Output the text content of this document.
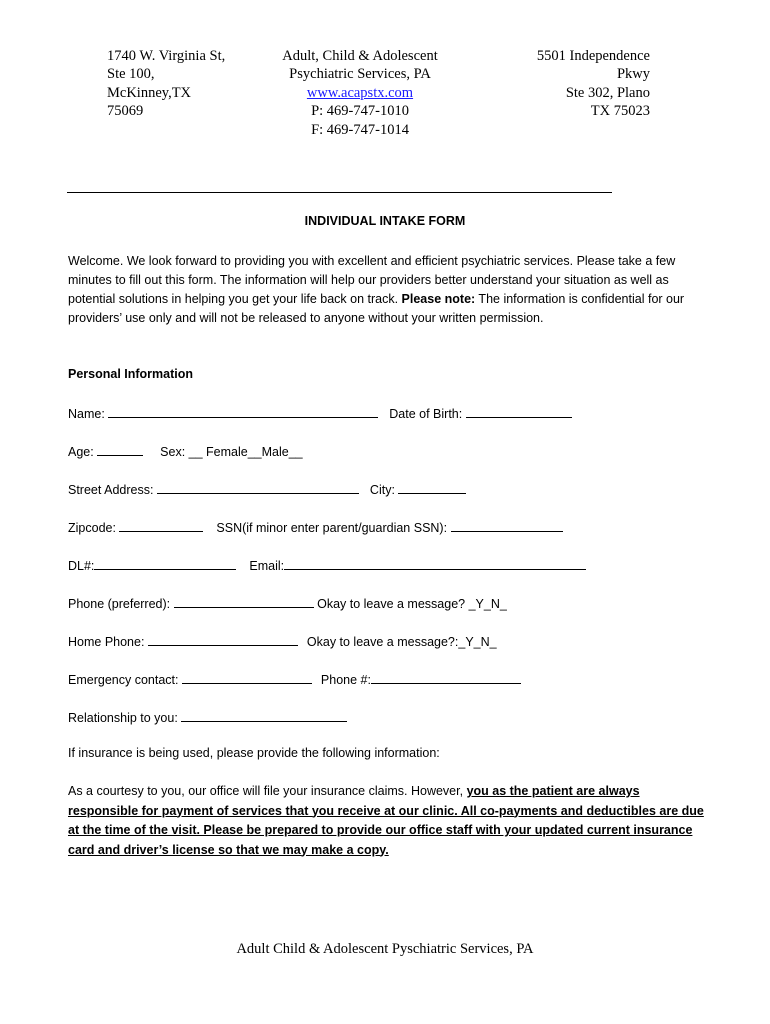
1740 W. Virginia St,
Ste 100,
McKinney,TX
75069
Adult, Child & Adolescent
Psychiatric Services, PA
www.acapstx.com
P: 469-747-1010
F: 469-747-1014
5501 Independence
Pkwy
Ste 302, Plano
TX 75023
INDIVIDUAL INTAKE FORM

Welcome. We look forward to providing you with excellent and efficient psychiatric services. Please take a few minutes to fill out this form. The information will help our providers better understand your situation as well as potential solutions in helping you get your life back on track. Please note: The information is confidential for our providers’ use only and will not be released to anyone without your written permission.

Personal Information
Name:	Date of Birth:
Age:	Sex: __ Female__Male__
Street Address:	City:
Zipcode:	SSN(if minor enter parent/guardian SSN):
DL#:	Email:
Phone (preferred):	Okay to leave a message? _Y_N_
Home Phone:	Okay to leave a message?:_Y_N_
Emergency contact:	Phone #:
Relationship to you:
If insurance is being used, please provide the following information:
As a courtesy to you, our office will file your insurance claims. However, you as the patient are always responsible for payment of services that you receive at our clinic. All co-payments and deductibles are due at the time of the visit. Please be prepared to provide our office staff with your updated current insurance card and driver’s license so that we may make a copy.
Adult Child & Adolescent Pyschiatric Services, PA
